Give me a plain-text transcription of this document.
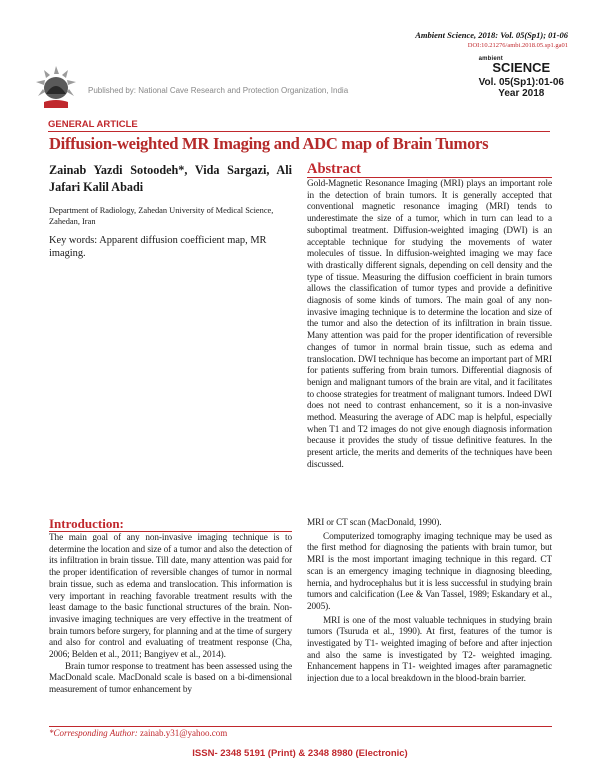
Ambient Science, 2018: Vol. 05(Sp1); 01-06
DOI:10.21276/ambi.2018.05.sp1.ga01
ambient
SCIENCE
Vol. 05(Sp1):01-06
Year 2018
Published by: National Cave Research and Protection Organization, India
GENERAL ARTICLE
Diffusion-weighted MR Imaging and ADC map of Brain Tumors
Zainab Yazdi Sotoodeh*, Vida Sargazi, Ali Jafari Kalil Abadi
Department of Radiology, Zahedan University of Medical Science, Zahedan, Iran
Key words: Apparent diffusion coefficient map, MR imaging.
Abstract

Gold-Magnetic Resonance Imaging (MRI) plays an important role in the detection of brain tumors. It is generally accepted that conventional magnetic resonance imaging (MRI) tends to underestimate the size of a tumor, which in turn can lead to a suboptimal treatment. Diffusion-weighted imaging (DWI) is an acceptable technique for studying the movements of water molecules of tissue. In diffusion-weighted imaging we may face with drastically different signals, depending on cell density and the type of tissue. Measuring the diffusion coefficient in brain tumors allows the classification of tumor types and provide a definitive diagnosis of some kinds of tumors. The main goal of any non-invasive imaging technique is to determine the location and size of the tumor and also the detection of its infiltration in brain tissue. Many attention was paid for the proper identification of reversible changes of tumor in normal brain tissue, such as edema and translocation. DWI technique has become an important part of MRI for patients suffering from brain tumors. Differential diagnosis of benign and malignant tumors of the brain are vital, and it facilitates to choose strategies for treatment of malignant tumors. Indeed DWI does not need to contrast enhancement, so it is a non-invasive method. Measuring the average of ADC map is helpful, especially when T1 and T2 images do not give enough diagnosis information because it provides the study of tissue definitive features. In the present article, the merits and demerits of the techniques have been discussed.

Introduction:

The main goal of any non-invasive imaging technique is to determine the location and size of a tumor and also the detection of its infiltration in brain tissue. Till date, many attention was paid for the proper identification of reversible changes of tumor in normal brain tissue, such as edema and translocation. This information is very important in reaching favorable treatment results with the least damage to the basic functional structures of the brain. Non-invasive imaging techniques are very effective in the treatment of brain tumors before surgery, for planning and at the time of surgery and also for control and evaluating of treatment response (Cha, 2006; Belden et al., 2011; Bangiyev et al., 2014).

Brain tumor response to treatment has been assessed using the MacDonald scale. MacDonald scale is based on a bi-dimensional measurement of tumor enhancement by

MRI or CT scan (MacDonald, 1990).

Computerized tomography imaging technique may be used as the first method for diagnosing the patients with brain tumor, but MRI is the most important imaging technique in this regard. CT scan is an emergency imaging technique in diagnosing bleeding, hernia, and hydrocephalus but it is less successful in studying brain tumors and calcification (Lee & Van Tassel, 1989; Eskandary et al., 2005).

MRI is one of the most valuable techniques in studying brain tumors (Tsuruda et al., 1990). At first, features of the tumor is investigated by T1- weighted imaging of before and after injection and also the same is investigated by T2- weighted imaging. Enhancement happens in T1- weighted images after paramagnetic injection due to a local breakdown in the blood-brain barrier.

*Corresponding Author: zainab.y31@yahoo.com
ISSN- 2348 5191 (Print) & 2348 8980 (Electronic)
